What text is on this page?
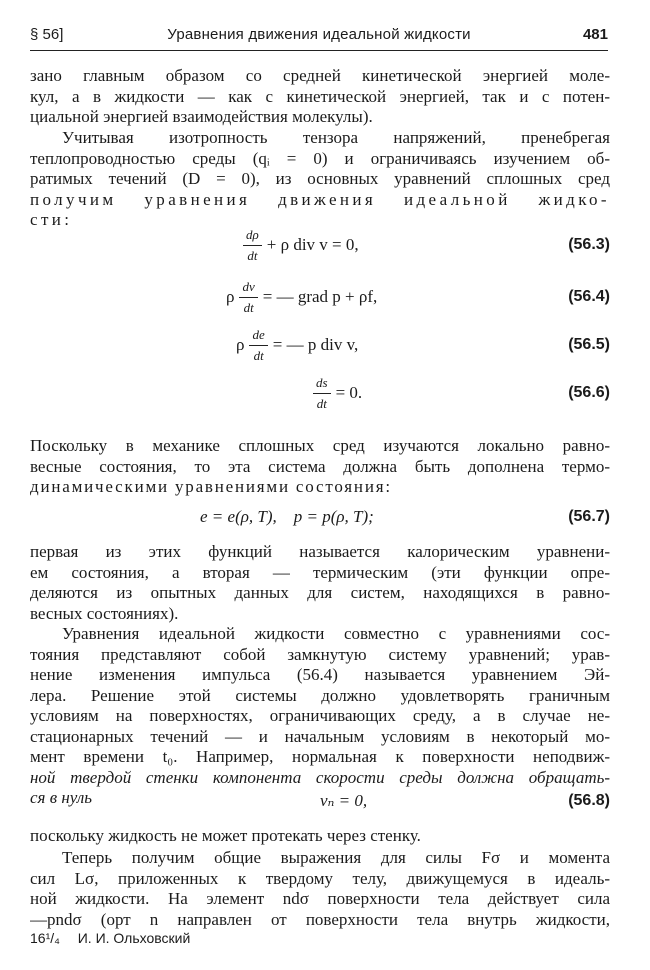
§ 56]	Уравнения движения идеальной жидкости	481
зано главным образом со средней кинетической энергией моле-
кул, а в жидкости — как с кинетической энергией, так и с потен-
циальной энергией взаимодействия молекулы).
Учитывая изотропность тензора напряжений, пренебрегая
теплопроводностью среды (qᵢ = 0) и ограничиваясь изучением об-
ратимых течений (D = 0), из основных уравнений сплошных сред
получим уравнения движения идеальной жидко-
сти:
$\frac{d\rho}{dt} + \rho$ div v = 0,	(56.3)
ρ $\frac{dv}{dt}$ = — grad p + ρf,	(56.4)
ρ $\frac{de}{dt}$ = — p div v,	(56.5)
$\frac{ds}{dt} = 0$.	(56.6)
Поскольку в механике сплошных сред изучаются локально равно-
весные состояния, то эта система должна быть дополнена термо-
динамическими уравнениями состояния:
e = e(ρ, T),    p = p(ρ, T);	(56.7)
первая из этих функций называется калорическим уравнени-
ем состояния, а вторая — термическим (эти функции опре-
деляются из опытных данных для систем, находящихся в равно-
весных состояниях).
Уравнения идеальной жидкости совместно с уравнениями сос-
тояния представляют собой замкнутую систему уравнений; урав-
нение изменения импульса (56.4) называется уравнением Эй-
лера. Решение этой системы должно удовлетворять граничным
условиям на поверхностях, ограничивающих среду, а в случае не-
стационарных течений — и начальным условиям в некоторый мо-
мент времени t₀. Например, нормальная к поверхности неподвиж-
ной твердой стенки компонента скорости среды должна обращать-
ся в нуль	vₙ = 0,	(56.8)
поскольку жидкость не может протекать через стенку.
Теперь получим общие выражения для силы Fσ и момента
сил Lσ, приложенных к твердому телу, движущемуся в идеаль-
ной жидкости. На элемент ndσ поверхности тела действует сила
—pndσ (орт n направлен от поверхности тела внутрь жидкости,
16¹/₄ И. И. Ольховский
